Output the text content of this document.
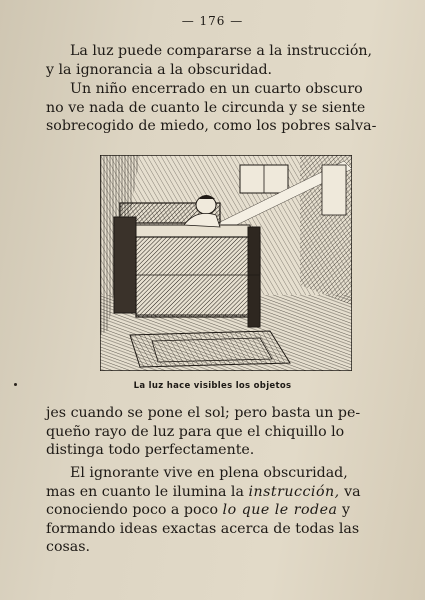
— 176 —

La luz puede compararse a la instrucción,
y la ignorancia a la obscuridad.

Un niño encerrado en un cuarto obscuro
no ve nada de cuanto le circunda y se siente
sobrecogido de miedo, como los pobres salva-

La luz hace visibles los objetos

jes cuando se pone el sol; pero basta un pe-
queño rayo de luz para que el chiquillo lo
distinga todo perfectamente.

El ignorante vive en plena obscuridad,
mas en cuanto le ilumina la instrucción, va
conociendo poco a poco lo que le rodea y
formando ideas exactas acerca de todas las
cosas.
